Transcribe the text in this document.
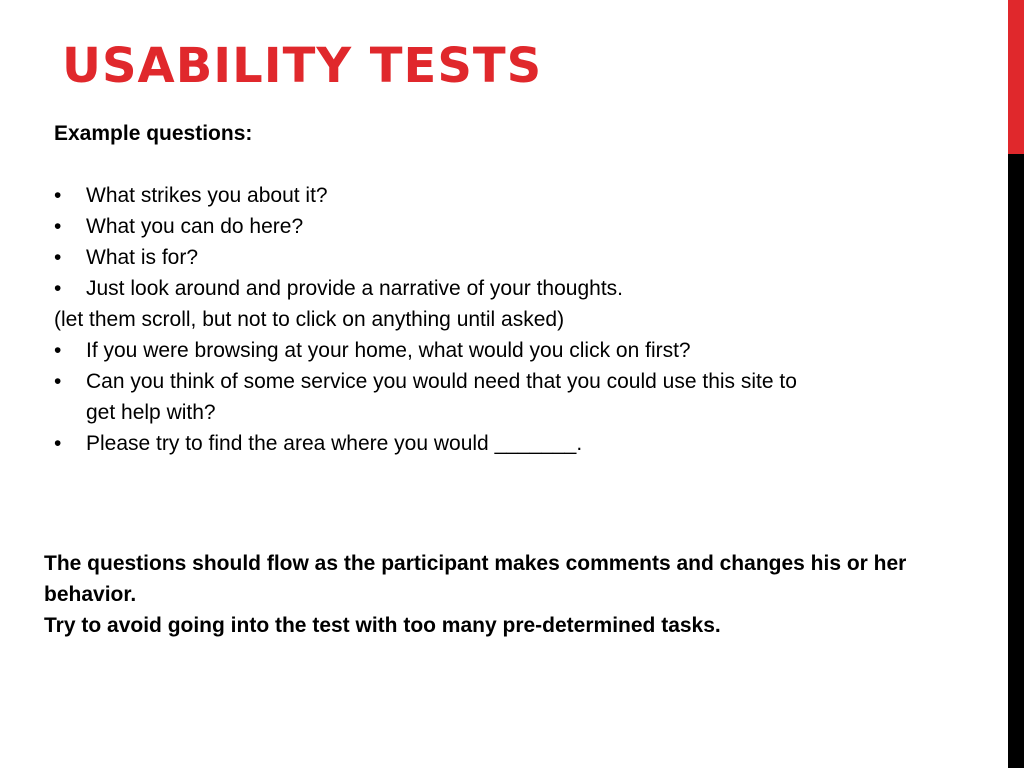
USABILITY TESTS

Example questions:

•	What strikes you about it?
•	What you can do here?
•	What is for?
•	Just look around and provide a narrative of your thoughts.

(let them scroll, but not to click on anything until asked)

•	If you were browsing at your home, what would you click on first?
•	Can you think of some service you would need that you could use this site to get help with?
•	Please try to find the area where you would _______.

The questions should flow as the participant makes comments and changes his or her behavior.

Try to avoid going into the test with too many pre-determined tasks.
